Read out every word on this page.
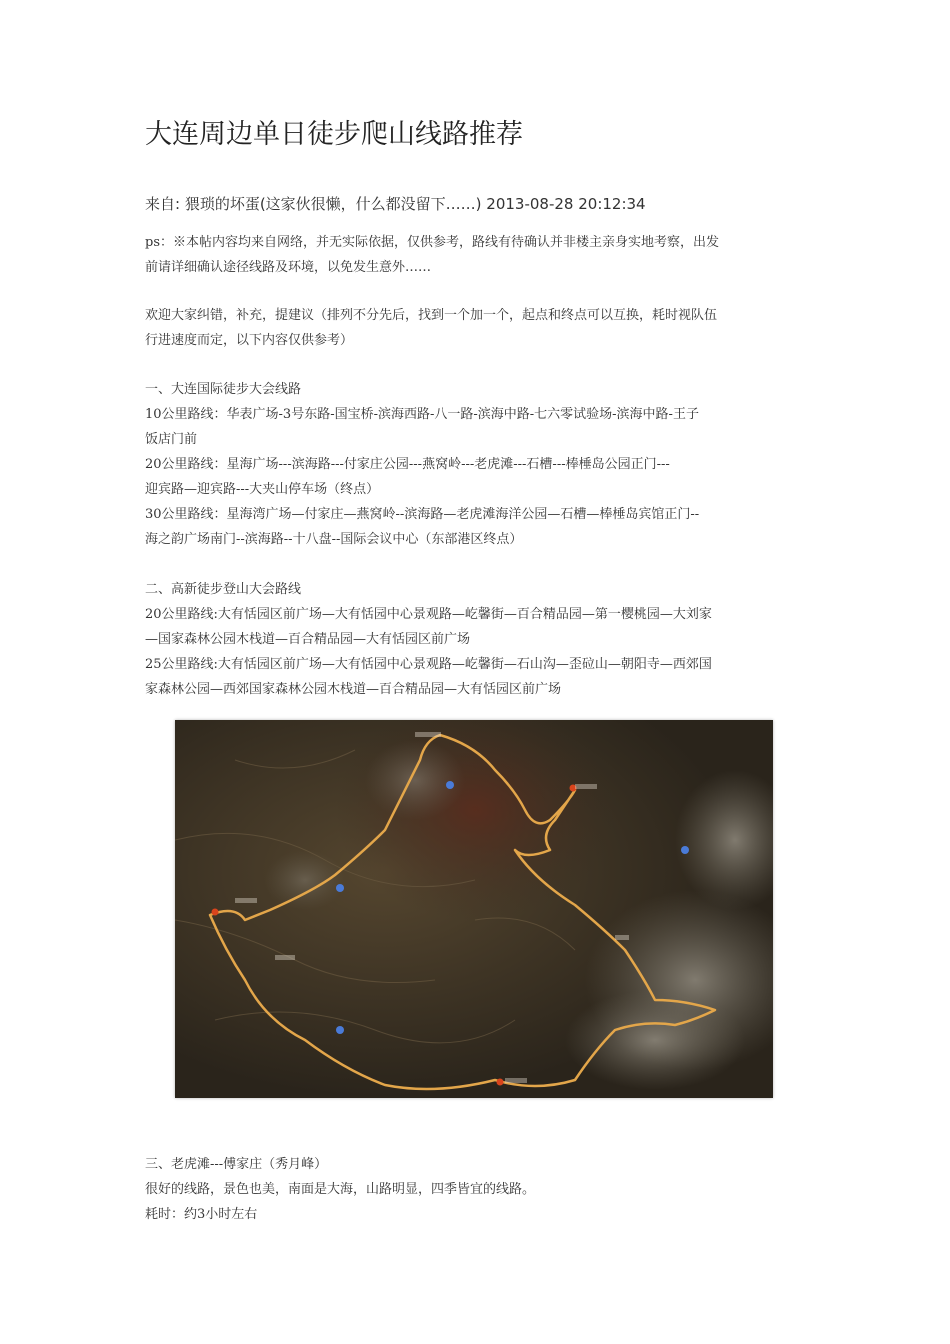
大连周边单日徒步爬山线路推荐
来自: 猥琐的坏蛋(这家伙很懒，什么都没留下……) 2013-08-28 20:12:34

ps：※本帖内容均来自网络，并无实际依据，仅供参考，路线有待确认并非楼主亲身实地考察，出发
前请详细确认途径线路及环境，以免发生意外……

欢迎大家纠错，补充，提建议（排列不分先后，找到一个加一个，起点和终点可以互换，耗时视队伍
行进速度而定，以下内容仅供参考）

一、大连国际徒步大会线路
10公里路线：华表广场-3号东路-国宝桥-滨海西路-八一路-滨海中路-七六零试验场-滨海中路-王子
饭店门前
20公里路线：星海广场---滨海路---付家庄公园---燕窝岭---老虎滩---石槽---棒棰岛公园正门---
迎宾路—迎宾路---大夹山停车场（终点）
30公里路线：星海湾广场—付家庄—燕窝岭--滨海路—老虎滩海洋公园—石槽—棒棰岛宾馆正门--
海之韵广场南门--滨海路--十八盘--国际会议中心（东部港区终点）

二、高新徒步登山大会路线
20公里路线:大有恬园区前广场—大有恬园中心景观路—屹馨街—百合精品园—第一樱桃园—大刘家
—国家森林公园木栈道—百合精品园—大有恬园区前广场
25公里路线:大有恬园区前广场—大有恬园中心景观路—屹馨街—石山沟—歪砬山—朝阳寺—西郊国
家森林公园—西郊国家森林公园木栈道—百合精品园—大有恬园区前广场

三、老虎滩---傅家庄（秀月峰）
很好的线路，景色也美，南面是大海，山路明显，四季皆宜的线路。
耗时：约3小时左右
